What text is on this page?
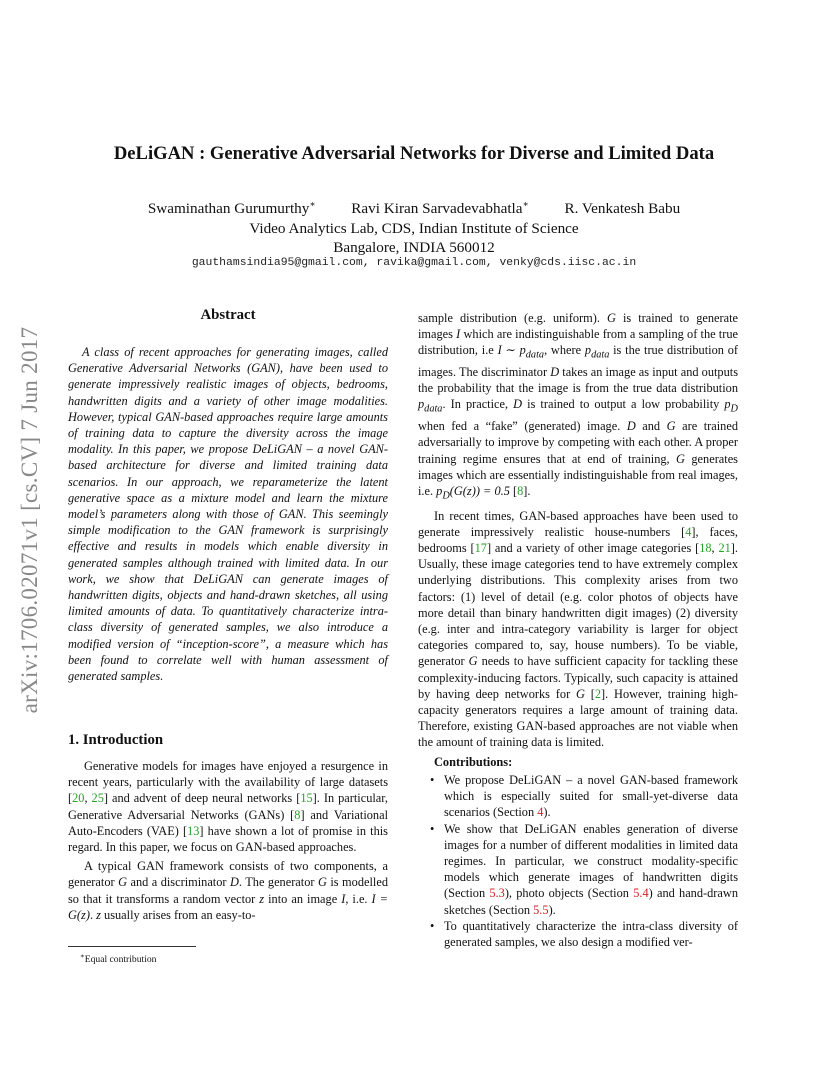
DeLiGAN : Generative Adversarial Networks for Diverse and Limited Data
Swaminathan Gurumurthy∗ Ravi Kiran Sarvadevabhatla∗ R. Venkatesh Babu
Video Analytics Lab, CDS, Indian Institute of Science
Bangalore, INDIA 560012
gauthamsindia95@gmail.com, ravika@gmail.com, venky@cds.iisc.ac.in
arXiv:1706.02071v1 [cs.CV] 7 Jun 2017
Abstract
A class of recent approaches for generating images, called Generative Adversarial Networks (GAN), have been used to generate impressively realistic images of objects, bedrooms, handwritten digits and a variety of other image modalities. However, typical GAN-based approaches require large amounts of training data to capture the diversity across the image modality. In this paper, we propose DeLiGAN – a novel GAN-based architecture for diverse and limited training data scenarios. In our approach, we reparameterize the latent generative space as a mixture model and learn the mixture model’s parameters along with those of GAN. This seemingly simple modification to the GAN framework is surprisingly effective and results in models which enable diversity in generated samples although trained with limited data. In our work, we show that DeLiGAN can generate images of handwritten digits, objects and hand-drawn sketches, all using limited amounts of data. To quantitatively characterize intra-class diversity of generated samples, we also introduce a modified version of “inception-score”, a measure which has been found to correlate well with human assessment of generated samples.
1. Introduction

Generative models for images have enjoyed a resurgence in recent years, particularly with the availability of large datasets [20, 25] and advent of deep neural networks [15]. In particular, Generative Adversarial Networks (GANs) [8] and Variational Auto-Encoders (VAE) [13] have shown a lot of promise in this regard. In this paper, we focus on GAN-based approaches.

A typical GAN framework consists of two components, a generator G and a discriminator D. The generator G is modelled so that it transforms a random vector z into an image I, i.e. I = G(z). z usually arises from an easy-to-

sample distribution (e.g. uniform). G is trained to generate images I which are indistinguishable from a sampling of the true distribution, i.e I ∼ $p_{data}$, where $p_{data}$ is the true distribution of images. The discriminator D takes an image as input and outputs the probability that the image is from the true data distribution $p_{data}$. In practice, D is trained to output a low probability $p_D$ when fed a “fake” (generated) image. D and G are trained adversarially to improve by competing with each other. A proper training regime ensures that at end of training, G generates images which are essentially indistinguishable from real images, i.e. $p_D(G(z)) = 0.5$ [8].

In recent times, GAN-based approaches have been used to generate impressively realistic house-numbers [4], faces, bedrooms [17] and a variety of other image categories [18, 21]. Usually, these image categories tend to have extremely complex underlying distributions. This complexity arises from two factors: (1) level of detail (e.g. color photos of objects have more detail than binary handwritten digit images) (2) diversity (e.g. inter and intra-category variability is larger for object categories compared to, say, house numbers). To be viable, generator G needs to have sufficient capacity for tackling these complexity-inducing factors. Typically, such capacity is attained by having deep networks for G [2]. However, training high-capacity generators requires a large amount of training data. Therefore, existing GAN-based approaches are not viable when the amount of training data is limited.

Contributions:
• We propose DeLiGAN – a novel GAN-based framework which is especially suited for small-yet-diverse data scenarios (Section 4).
• We show that DeLiGAN enables generation of diverse images for a number of different modalities in limited data regimes. In particular, we construct modality-specific models which generate images of handwritten digits (Section 5.3), photo objects (Section 5.4) and hand-drawn sketches (Section 5.5).
• To quantitatively characterize the intra-class diversity of generated samples, we also design a modified ver-
∗Equal contribution
